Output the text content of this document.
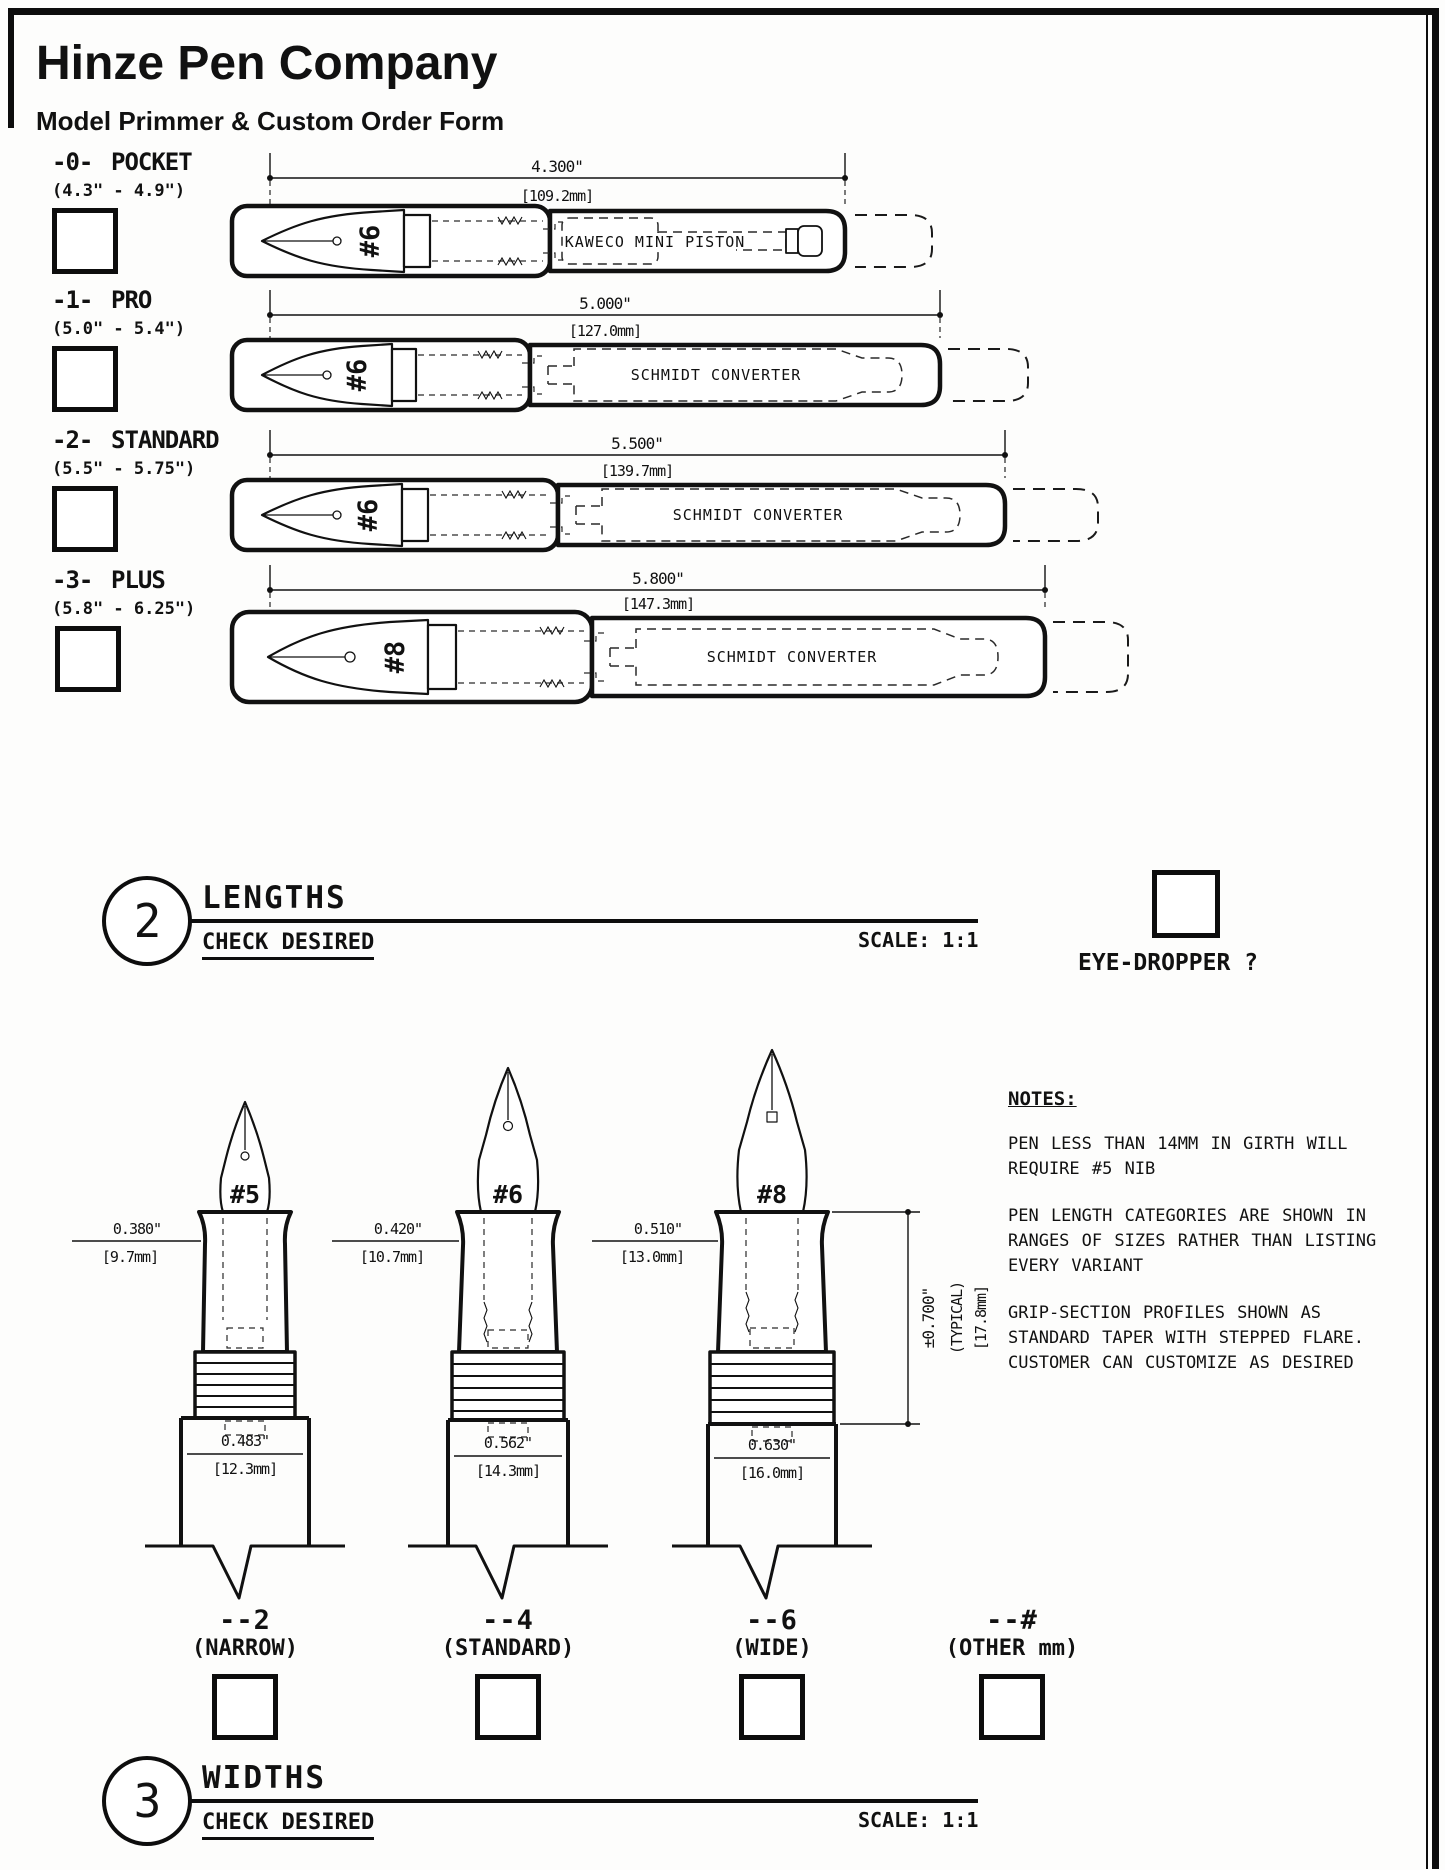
Hinze Pen Company
Model Primmer & Custom Order Form
-0- POCKET
(4.3" - 4.9")
-1- PRO
(5.0" - 5.4")
-2- STANDARD
(5.5" - 5.75")
-3- PLUS
(5.8" - 6.25")
4.300"
[109.2mm]
#6	KAWECO MINI PISTON
5.000"
[127.0mm]
#6	SCHMIDT CONVERTER
5.500"
[139.7mm]
#6	SCHMIDT CONVERTER
5.800"
[147.3mm]
#8	SCHMIDT CONVERTER
2	LENGTHS
CHECK DESIRED	SCALE: 1:1
EYE-DROPPER ?
#5
0.483"
[12.3mm]
0.380"
[9.7mm]
#6
0.562"
[14.3mm]
0.420"
[10.7mm]
#8
0.630"
[16.0mm]
0.510"
[13.0mm]
±0.700" (TYPICAL) [17.8mm]
NOTES:
PEN LESS THAN 14MM IN GIRTH WILL REQUIRE #5 NIB
PEN LENGTH CATEGORIES ARE SHOWN IN RANGES OF SIZES RATHER THAN LISTING EVERY VARIANT
GRIP-SECTION PROFILES SHOWN AS STANDARD TAPER WITH STEPPED FLARE. CUSTOMER CAN CUSTOMIZE AS DESIRED
--2
(NARROW)
--4
(STANDARD)
--6
(WIDE)
--#
(OTHER mm)
3	WIDTHS
CHECK DESIRED	SCALE: 1:1
